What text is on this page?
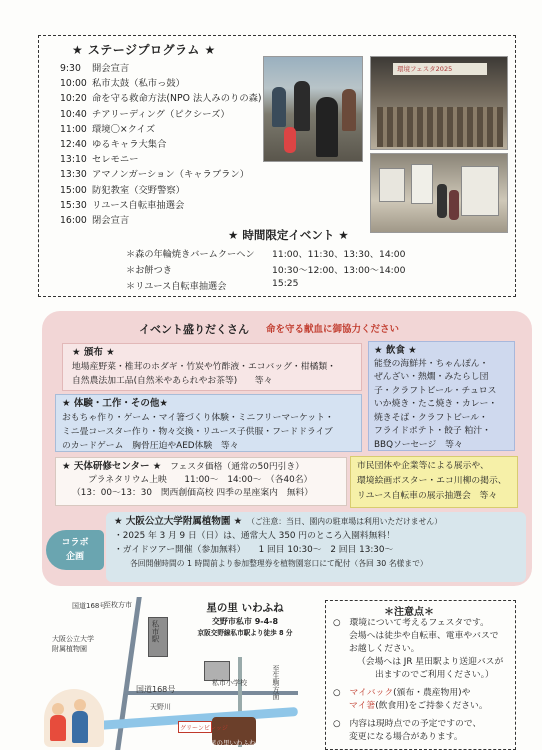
★ ステージプログラム ★
9:30 開会宣言
10:00 私市太鼓（私市っ鼓）
10:20 命を守る救命方法(NPO 法人みのりの森)
10:40 チアリーディング（ピクシーズ）
11:00 環境〇×クイズ
12:40 ゆるキャラ大集合
13:10 セレモニー
13:30 アマノンガーション（キャラブラン）
15:00 防犯教室（交野警察）
15:30 リユース自転車抽選会
16:00 閉会宣言
環境フェスタ2025
★ 時間限定イベント ★
＊森の年輪焼きバームクーヘン 11:00、11:30、13:30、14:00
＊お餅つき	10:30～12:00、13:00～14:00
＊リユース自転車抽選会	15:25
イベント盛りだくさん 命を守る献血に御協力ください
★ 頒布 ★
地場産野菜・椎茸のホダギ・竹炭や竹酢液・エコバッグ・柑橘類・
自然農法加工品(自然米やあられやお茶等)　　等々
★ 飲食 ★
能登の海鮮丼・ちゃんぽん・
ぜんざい・熱燗・みたらし団
子・クラフトビール・チュロス
いか焼き・たこ焼き・カレー・
焼きそば・クラフトビール・
フライドポテト・餃子 粕汁・
BBQソーセージ　等々
★ 体験・工作・その他★
おもちゃ作り・ゲーム・マイ箸づくり体験・ミニフリーマーケット・
ミニ畳コースター作り・物々交換・リユース子供服・フードドライブ
のカードゲーム　胸骨圧迫やAED体験　等々
★ 天体研修センター ★　 フェスタ価格（通常の50円引き）
プラネタリウム上映　　11:00～　14:00～　（各40名）
（13：00～13：30　関西創価高校 四季の星座案内　無料）
市民団体や企業等による展示や、
環境絵画ポスター・エコ川柳の掲示、
リユース自転車の展示抽選会　等々
コラボ
企画
★ 大阪公立大学附属植物園 ★　 （ご注意：当日、園内の駐車場は利用いただけません）
・2025 年 3 月 9 日（日）は、通常大人 350 円のところ入園料無料！
・ガイドツアー開催（参加無料）　　1 回目 10:30～　2 回目 13:30～
各回開催時間の 1 時間前より参加整理券を植物園窓口にて配付（各回 30 名様まで）
国道168号
至枚方市
私市駅
大阪公立大学附属植物園
国道168号
私市小学校	至生駒方面
天野川
グリーンビレッジ
星の里いわふね
星の里 いわふね
交野市私市 9-4-8
京阪交野線私市駅より徒歩 8 分
＊注意点＊
○　環境について考えるフェスタです。
会場へは徒歩や自転車、電車やバスで
お越しください。
（会場へは JR 星田駅より送迎バスが
出ますのでご利用ください。）
○　マイバック(頒布・農産物用)や
マイ箸(飲食用)をご持参ください。
○　内容は現時点での予定ですので、
変更になる場合があります。
